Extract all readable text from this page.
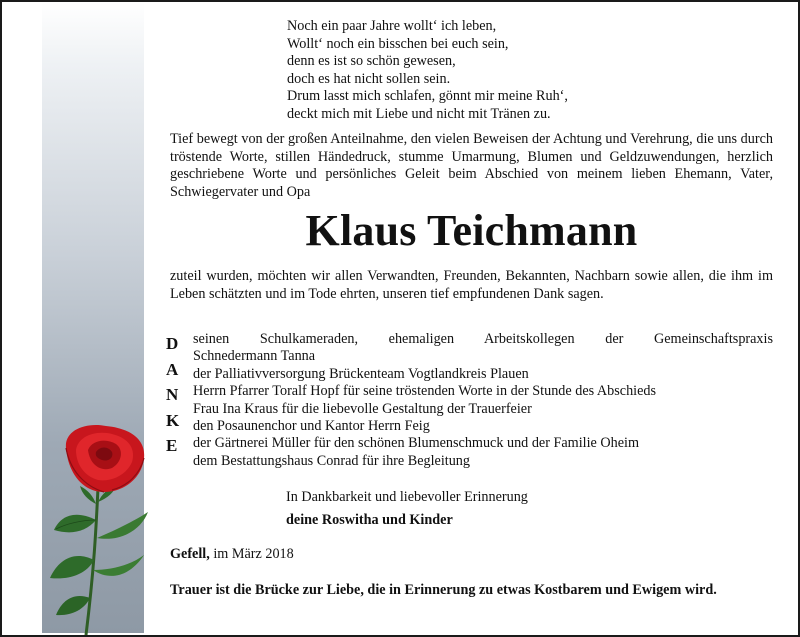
Noch ein paar Jahre wollt‘ ich leben,
Wollt‘ noch ein bisschen bei euch sein,
denn es ist so schön gewesen,
doch es hat nicht sollen sein.
Drum lasst mich schlafen, gönnt mir meine Ruh‘,
deckt mich mit Liebe und nicht mit Tränen zu.
Tief bewegt von der großen Anteilnahme, den vielen Beweisen der Achtung und Verehrung, die uns durch tröstende Worte, stillen Händedruck, stumme Umarmung, Blumen und Geldzuwendungen, herzlich geschriebene Worte und persönliches Geleit beim Abschied von meinem lieben Ehemann, Vater, Schwiegervater und Opa
Klaus Teichmann
zuteil wurden, möchten wir allen Verwandten, Freunden, Bekannten, Nachbarn sowie allen, die ihm im Leben schätzten und im Tode ehrten, unseren tief empfundenen Dank sagen.
D
A
N
K
E
seinen Schulkameraden, ehemaligen Arbeitskollegen der Gemeinschaftspraxis
Schnedermann Tanna
der Palliativversorgung Brückenteam Vogtlandkreis Plauen
Herrn Pfarrer Toralf Hopf für seine tröstenden Worte in der Stunde des Abschieds
Frau Ina Kraus für die liebevolle Gestaltung der Trauerfeier
den Posaunenchor und Kantor Herrn Feig
der Gärtnerei Müller für den schönen Blumenschmuck und der Familie Oheim
dem Bestattungshaus Conrad für ihre Begleitung
In Dankbarkeit und liebevoller Erinnerung
deine Roswitha und Kinder
Gefell, im März 2018
Trauer ist die Brücke zur Liebe, die in Erinnerung zu etwas Kostbarem und Ewigem wird.
